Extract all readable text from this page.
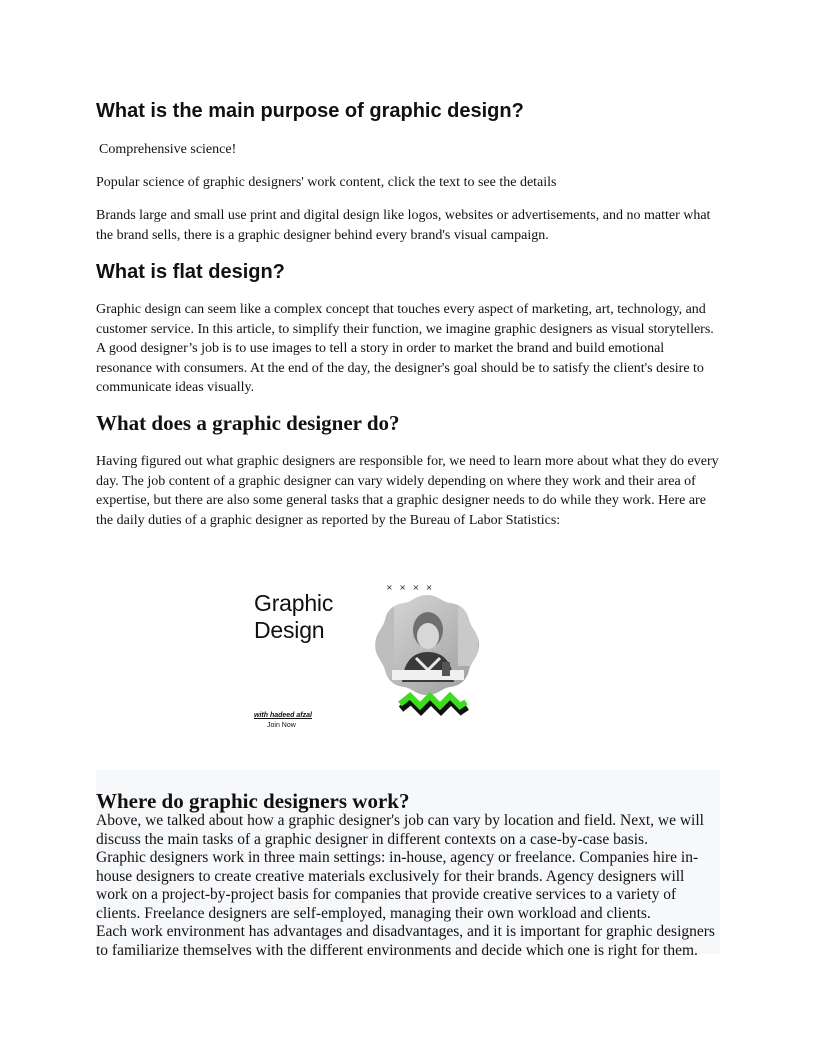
What is the main purpose of graphic design?

Comprehensive science!

Popular science of graphic designers' work content, click the text to see the details

Brands large and small use print and digital design like logos, websites or advertisements, and no matter what the brand sells, there is a graphic designer behind every brand's visual campaign.

What is flat design?

Graphic design can seem like a complex concept that touches every aspect of marketing, art, technology, and customer service. In this article, to simplify their function, we imagine graphic designers as visual storytellers. A good designer’s job is to use images to tell a story in order to market the brand and build emotional resonance with consumers. At the end of the day, the designer's goal should be to satisfy the client's desire to communicate ideas visually.

What does a graphic designer do?

Having figured out what graphic designers are responsible for, we need to learn more about what they do every day. The job content of a graphic designer can vary widely depending on where they work and their area of expertise, but there are also some general tasks that a graphic designer needs to do while they work. Here are the daily duties of a graphic designer as reported by the Bureau of Labor Statistics:

Graphic
Design
× × × ×
with hadeed afzal
Join Now
Where do graphic designers work?

Above, we talked about how a graphic designer's job can vary by location and field. Next, we will discuss the main tasks of a graphic designer in different contexts on a case-by-case basis.

Graphic designers work in three main settings: in-house, agency or freelance. Companies hire in-house designers to create creative materials exclusively for their brands. Agency designers will work on a project-by-project basis for companies that provide creative services to a variety of clients. Freelance designers are self-employed, managing their own workload and clients.

Each work environment has advantages and disadvantages, and it is important for graphic designers to familiarize themselves with the different environments and decide which one is right for them.
